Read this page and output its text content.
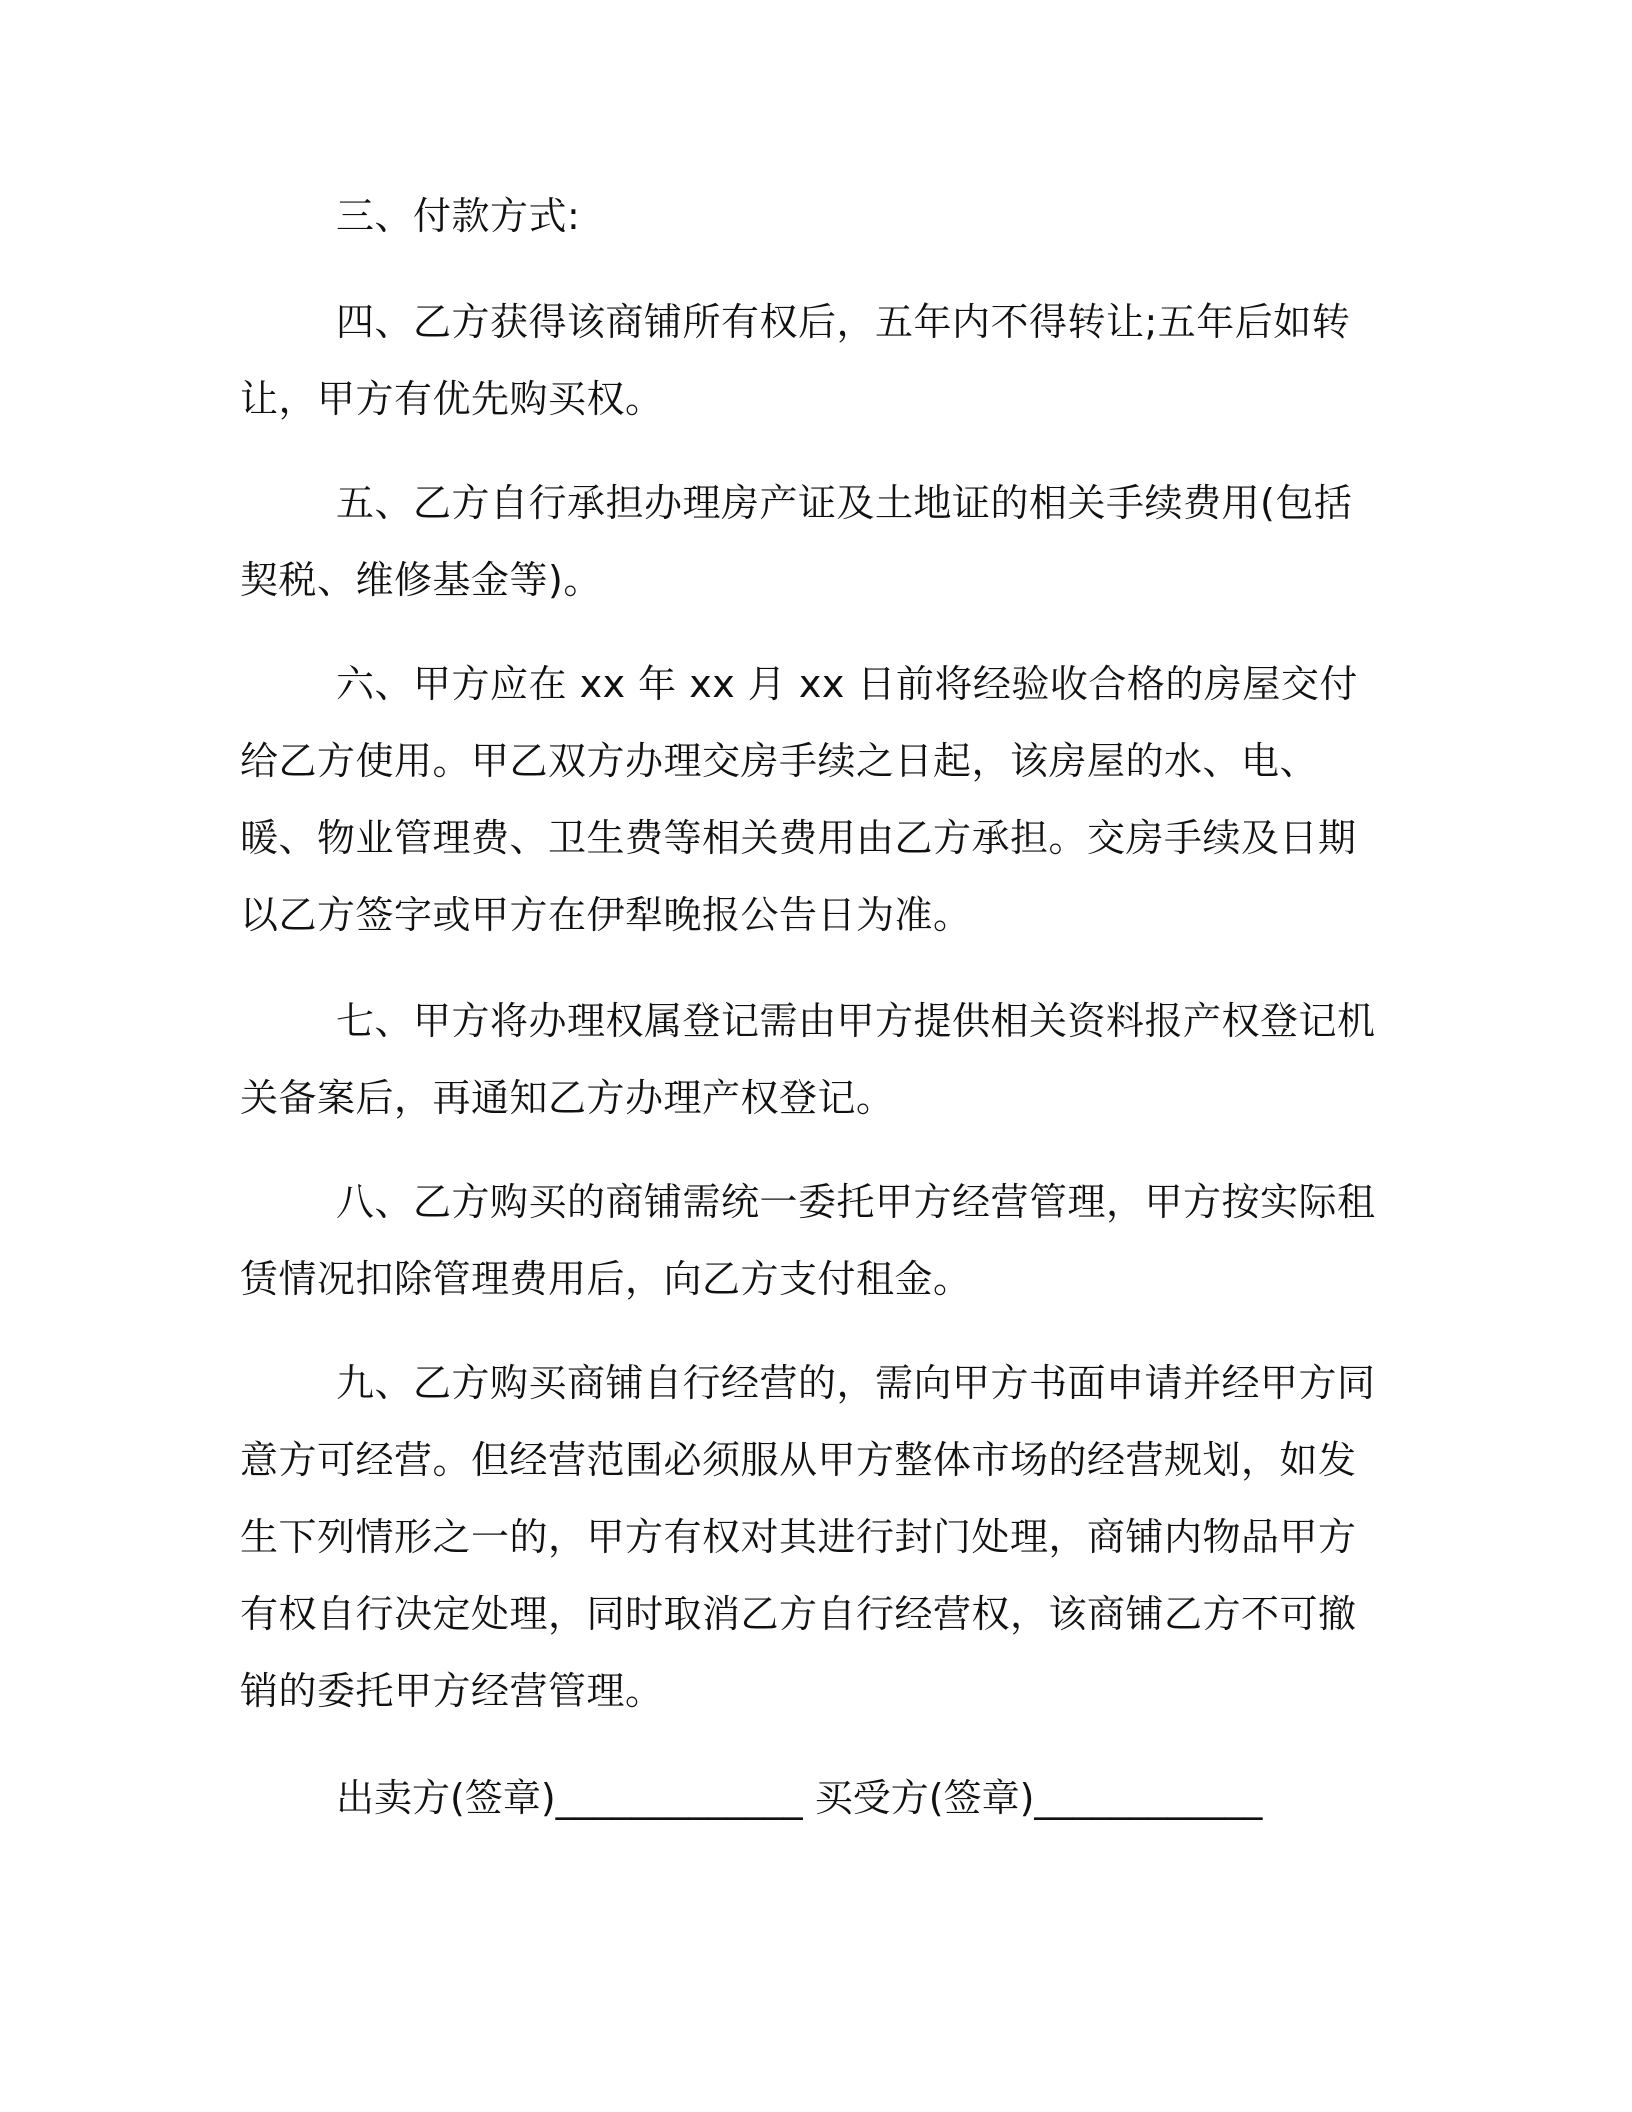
三、付款方式:
四、乙方获得该商铺所有权后，五年内不得转让;五年后如转让，甲方有优先购买权。
五、乙方自行承担办理房产证及土地证的相关手续费用(包括契税、维修基金等)。
六、甲方应在 xx 年 xx 月 xx 日前将经验收合格的房屋交付给乙方使用。甲乙双方办理交房手续之日起，该房屋的水、电、暖、物业管理费、卫生费等相关费用由乙方承担。交房手续及日期以乙方签字或甲方在伊犁晚报公告日为准。
七、甲方将办理权属登记需由甲方提供相关资料报产权登记机关备案后，再通知乙方办理产权登记。
八、乙方购买的商铺需统一委托甲方经营管理，甲方按实际租赁情况扣除管理费用后，向乙方支付租金。
九、乙方购买商铺自行经营的，需向甲方书面申请并经甲方同意方可经营。但经营范围必须服从甲方整体市场的经营规划，如发生下列情形之一的，甲方有权对其进行封门处理，商铺内物品甲方有权自行决定处理，同时取消乙方自行经营权，该商铺乙方不可撤销的委托甲方经营管理。
出卖方(签章)_____________ 买受方(签章)____________
